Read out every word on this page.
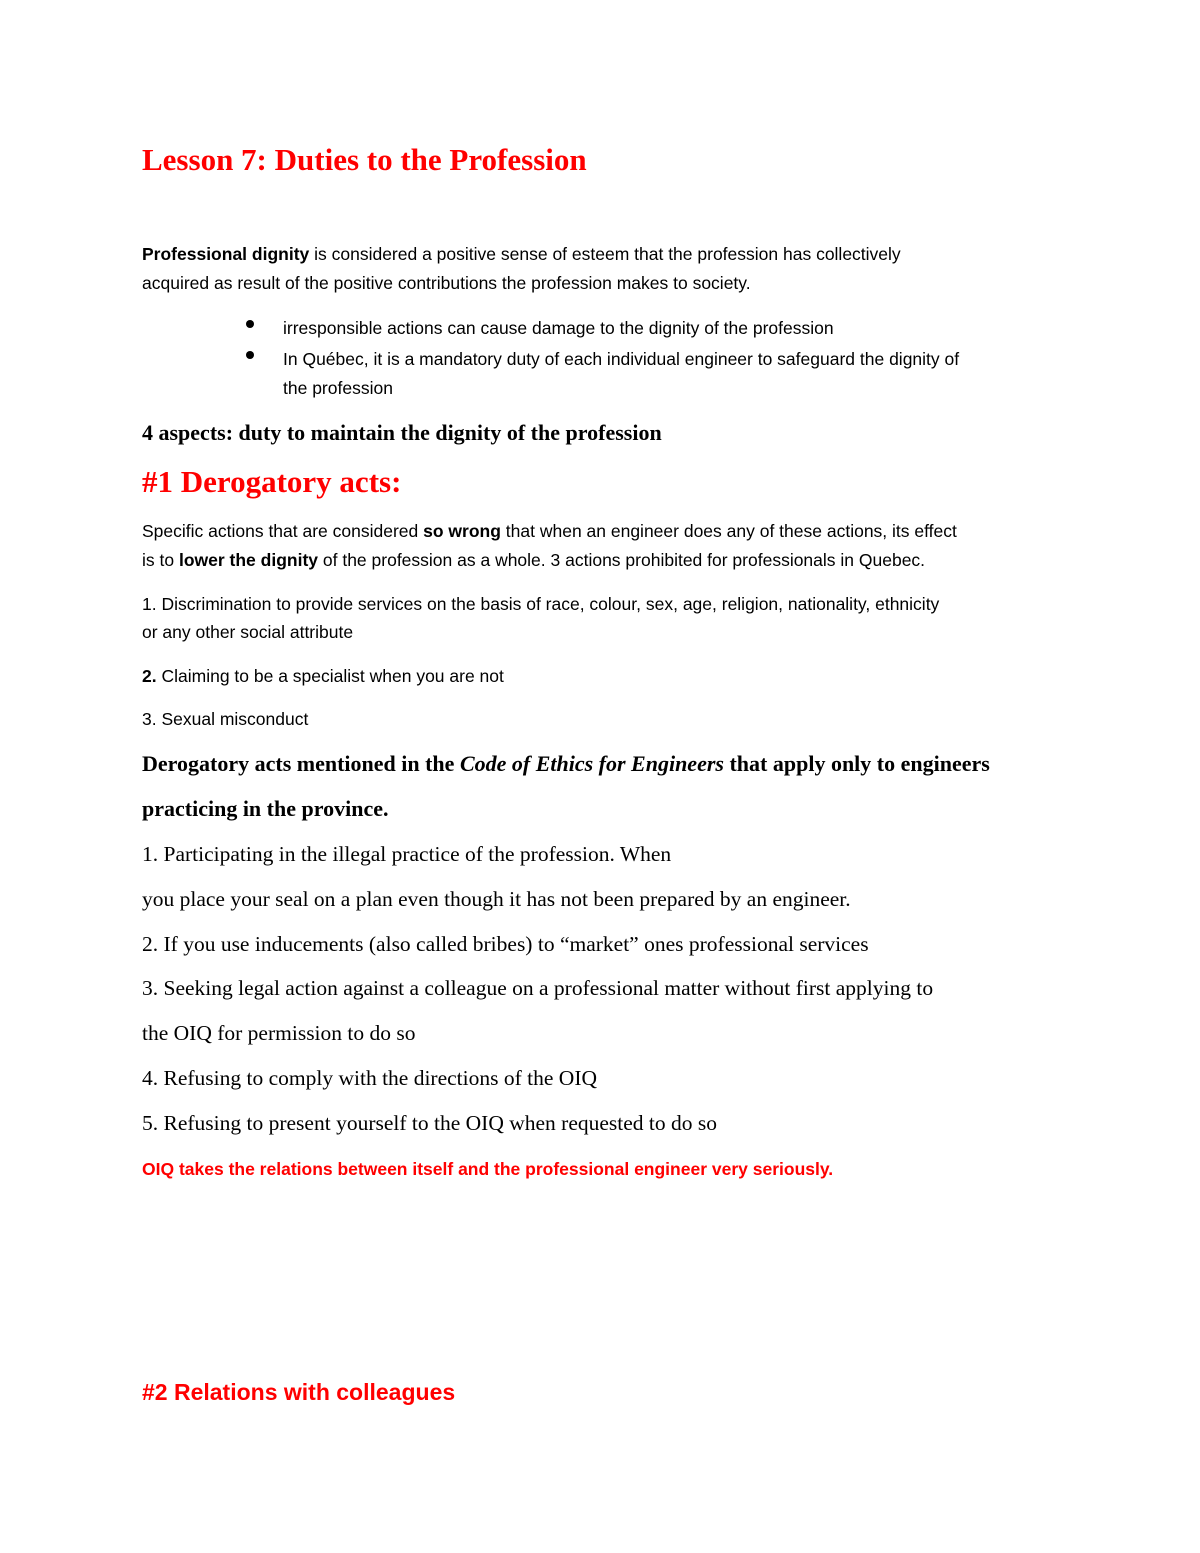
Lesson 7: Duties to the Profession
Professional dignity is considered a positive sense of esteem that the profession has collectively
acquired as result of the positive contributions the profession makes to society.
irresponsible actions can cause damage to the dignity of the profession
In Québec, it is a mandatory duty of each individual engineer to safeguard the dignity of
the profession
4 aspects: duty to maintain the dignity of the profession
#1 Derogatory acts:
Specific actions that are considered so wrong that when an engineer does any of these actions, its effect
is to lower the dignity of the profession as a whole. 3 actions prohibited for professionals in Quebec.
1. Discrimination to provide services on the basis of race, colour, sex, age, religion, nationality, ethnicity
or any other social attribute
2. Claiming to be a specialist when you are not
3. Sexual misconduct
Derogatory acts mentioned in the Code of Ethics for Engineers that apply only to engineers
practicing in the province.
1. Participating in the illegal practice of the profession. When
you place your seal on a plan even though it has not been prepared by an engineer.
2. If you use inducements (also called bribes) to “market” ones professional services
3. Seeking legal action against a colleague on a professional matter without first applying to
the OIQ for permission to do so
4. Refusing to comply with the directions of the OIQ
5. Refusing to present yourself to the OIQ when requested to do so
OIQ takes the relations between itself and the professional engineer very seriously.
#2 Relations with colleagues
